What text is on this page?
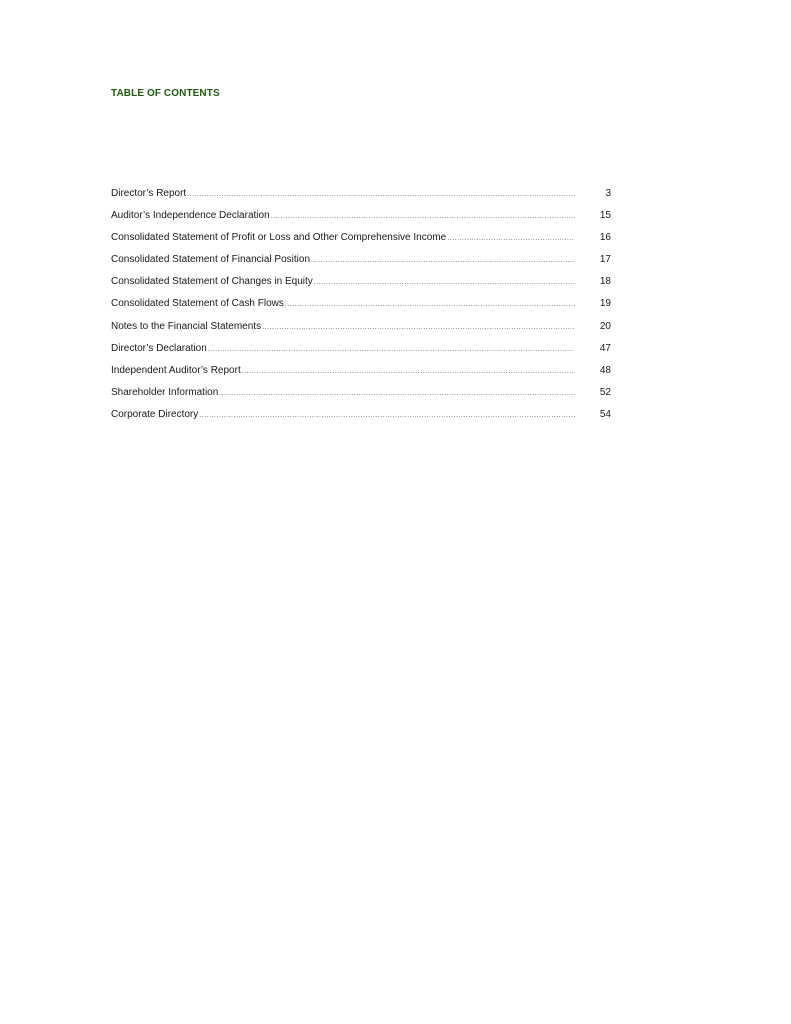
TABLE OF CONTENTS
Director’s Report .....	3
Auditor’s Independence Declaration .....	15
Consolidated Statement of Profit or Loss and Other Comprehensive Income .....	16
Consolidated Statement of Financial Position .....	17
Consolidated Statement of Changes in Equity .....	18
Consolidated Statement of Cash Flows .....	19
Notes to the Financial Statements .....	20
Director’s Declaration .....	47
Independent Auditor’s Report .....	48
Shareholder Information .....	52
Corporate Directory .....	54
